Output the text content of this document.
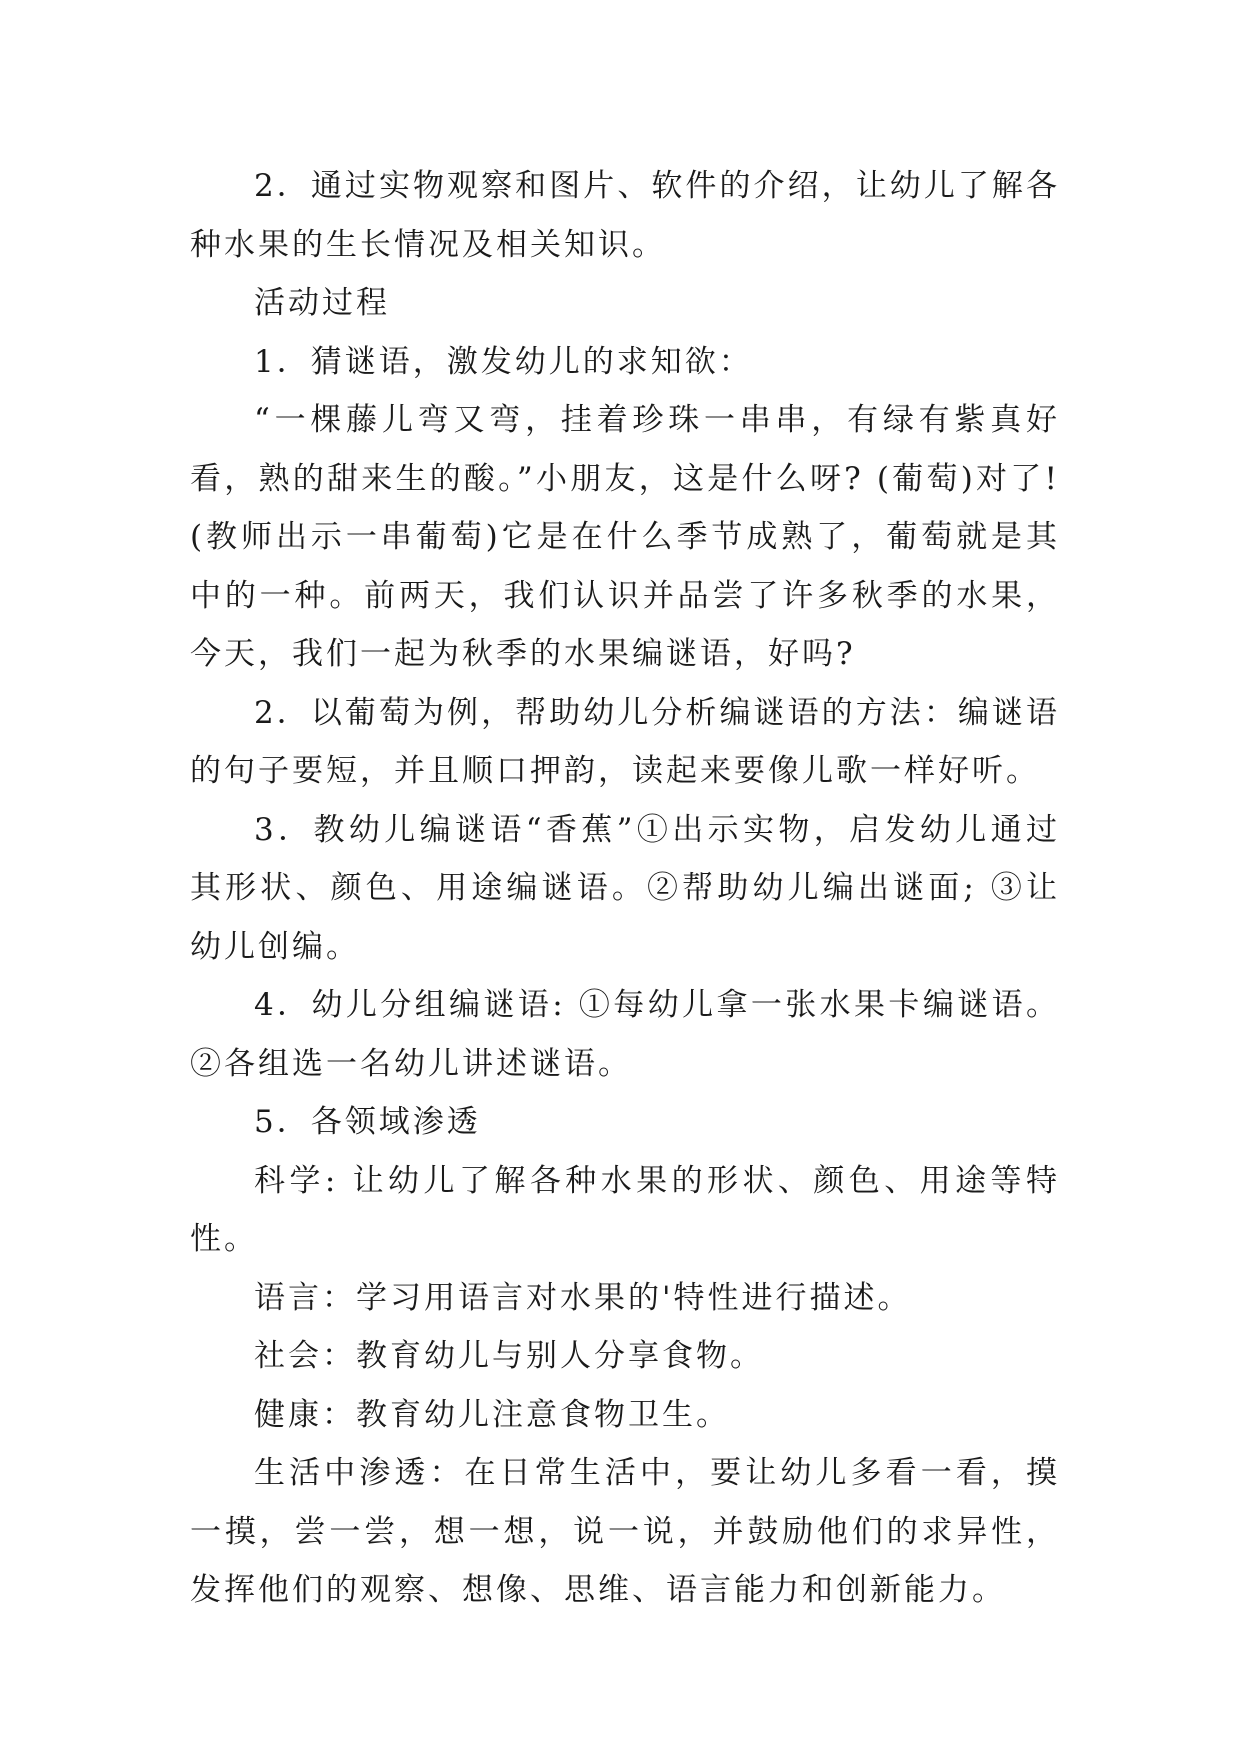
2．通过实物观察和图片、软件的介绍，让幼儿了解各种水果的生长情况及相关知识。

活动过程

1．猜谜语，激发幼儿的求知欲：

“一棵藤儿弯又弯，挂着珍珠一串串，有绿有紫真好看，熟的甜来生的酸。”小朋友，这是什么呀? (葡萄)对了! (教师出示一串葡萄)它是在什么季节成熟了，葡萄就是其中的一种。前两天，我们认识并品尝了许多秋季的水果，今天，我们一起为秋季的水果编谜语，好吗?

2．以葡萄为例，帮助幼儿分析编谜语的方法：编谜语的句子要短，并且顺口押韵，读起来要像儿歌一样好听。

3．教幼儿编谜语“香蕉”①出示实物，启发幼儿通过其形状、颜色、用途编谜语。②帮助幼儿编出谜面; ③让幼儿创编。

4．幼儿分组编谜语: ①每幼儿拿一张水果卡编谜语。②各组选一名幼儿讲述谜语。

5．各领域渗透

科学: 让幼儿了解各种水果的形状、颜色、用途等特性。

语言：学习用语言对水果的'特性进行描述。

社会：教育幼儿与别人分享食物。

健康：教育幼儿注意食物卫生。

生活中渗透：在日常生活中，要让幼儿多看一看，摸一摸，尝一尝，想一想，说一说，并鼓励他们的求异性，发挥他们的观察、想像、思维、语言能力和创新能力。
